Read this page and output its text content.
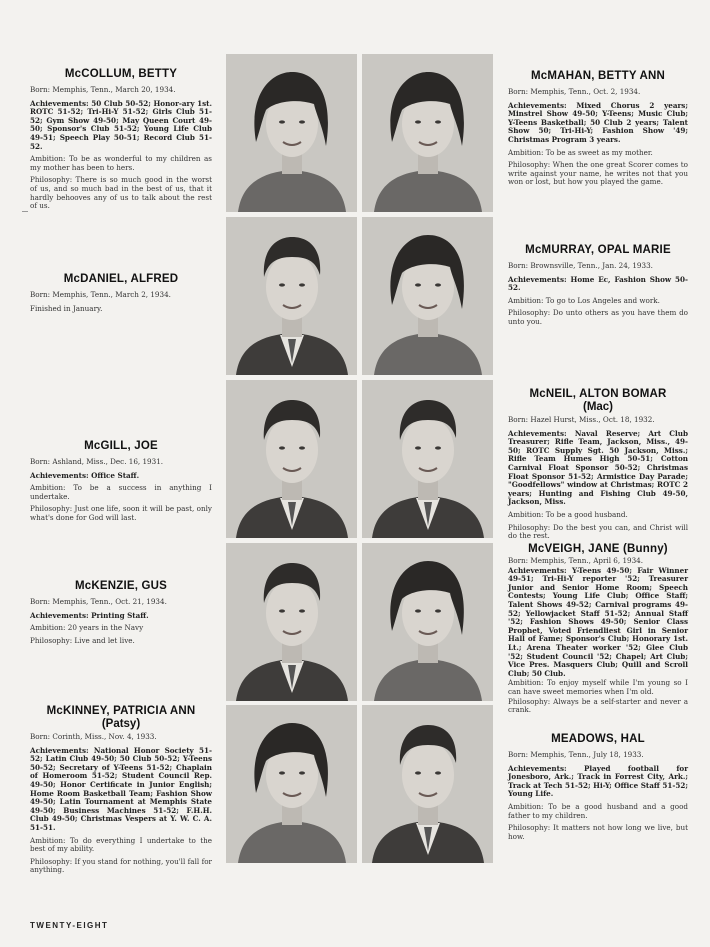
McCOLLUM, BETTY

Born: Memphis, Tenn., March 20, 1934.

Achievements: 50 Club 50-52; Honor-ary 1st. ROTC 51-52; Tri-Hi-Y 51-52; Girls Club 51-52; Gym Show 49-50; May Queen Court 49-50; Sponsor's Club 51-52; Young Life Club 49-51; Speech Play 50-51; Record Club 51-52.

Ambition: To be as wonderful to my children as my mother has been to hers.

Philosophy: There is so much good in the worst of us, and so much bad in the best of us, that it hardly behooves any of us to talk about the rest of us.

McMAHAN, BETTY ANN

Born: Memphis, Tenn., Oct. 2, 1934.

Achievements: Mixed Chorus 2 years; Minstrel Show 49-50; Y-Teens; Music Club; Y-Teens Basketball; 50 Club 2 years; Talent Show 50; Tri-Hi-Y; Fashion Show '49; Christmas Program 3 years.

Ambition: To be as sweet as my mother.

Philosophy: When the one great Scorer comes to write against your name, he writes not that you won or lost, but how you played the game.

McDANIEL, ALFRED

Born: Memphis, Tenn., March 2, 1934.

Finished in January.

McMURRAY, OPAL MARIE

Born: Brownsville, Tenn., Jan. 24, 1933.

Achievements: Home Ec, Fashion Show 50-52.

Ambition: To go to Los Angeles and work.

Philosophy: Do unto others as you have them do unto you.

McGILL, JOE

Born: Ashland, Miss., Dec. 16, 1931.

Achievements: Office Staff.

Ambition: To be a success in anything I undertake.

Philosophy: Just one life, soon it will be past, only what's done for God will last.

McNEIL, ALTON BOMAR
(Mac)

Born: Hazel Hurst, Miss., Oct. 18, 1932.

Achievements: Naval Reserve; Art Club Treasurer; Rifle Team, Jackson, Miss., 49-50; ROTC Supply Sgt. 50 Jackson, Miss.; Rifle Team Humes High 50-51; Cotton Carnival Float Sponsor 50-52; Christmas Float Sponsor 51-52; Armistice Day Parade; "Goodfellows" window at Christmas; ROTC 2 years; Hunting and Fishing Club 49-50, Jackson, Miss.

Ambition: To be a good husband.

Philosophy: Do the best you can, and Christ will do the rest.

McKENZIE, GUS

Born: Memphis, Tenn., Oct. 21, 1934.

Achievements: Printing Staff.

Ambition: 20 years in the Navy

Philosophy: Live and let live.

McVEIGH, JANE (Bunny)

Born: Memphis, Tenn., April 6, 1934.

Achievements: Y-Teens 49-50; Fair Winner 49-51; Tri-Hi-Y reporter '52; Treasurer Junior and Senior Home Room; Speech Contests; Young Life Club; Office Staff; Talent Shows 49-52; Carnival programs 49-52; Yellowjacket Staff 51-52; Annual Staff '52; Fashion Shows 49-50; Senior Class Prophet, Voted Friendliest Girl in Senior Hall of Fame; Sponsor's Club; Honorary 1st. Lt.; Arena Theater worker '52; Glee Club '52; Student Council '52; Chapel; Art Club; Vice Pres. Masquers Club; Quill and Scroll Club; 50 Club.

Ambition: To enjoy myself while I'm young so I can have sweet memories when I'm old.

Philosophy: Always be a self-starter and never a crank.

McKINNEY, PATRICIA ANN
(Patsy)

Born: Corinth, Miss., Nov. 4, 1933.

Achievements: National Honor Society 51-52; Latin Club 49-50; 50 Club 50-52; Y-Teens 50-52; Secretary of Y-Teens 51-52; Chaplain of Homeroom 51-52; Student Council Rep. 49-50; Honor Certificate in Junior English; Home Room Basketball Team; Fashion Show 49-50; Latin Tournament at Memphis State 49-50; Business Machines 51-52; F.H.H. Club 49-50; Christmas Vespers at Y. W. C. A. 51-51.

Ambition: To do everything I undertake to the best of my ability.

Philosophy: If you stand for nothing, you'll fall for anything.

MEADOWS, HAL

Born: Memphis, Tenn., July 18, 1933.

Achievements: Played football for Jonesboro, Ark.; Track in Forrest City, Ark.; Track at Tech 51-52; Hi-Y; Office Staff 51-52; Young Life.

Ambition: To be a good husband and a good father to my children.

Philosophy: It matters not how long we live, but how.

TWENTY-EIGHT
